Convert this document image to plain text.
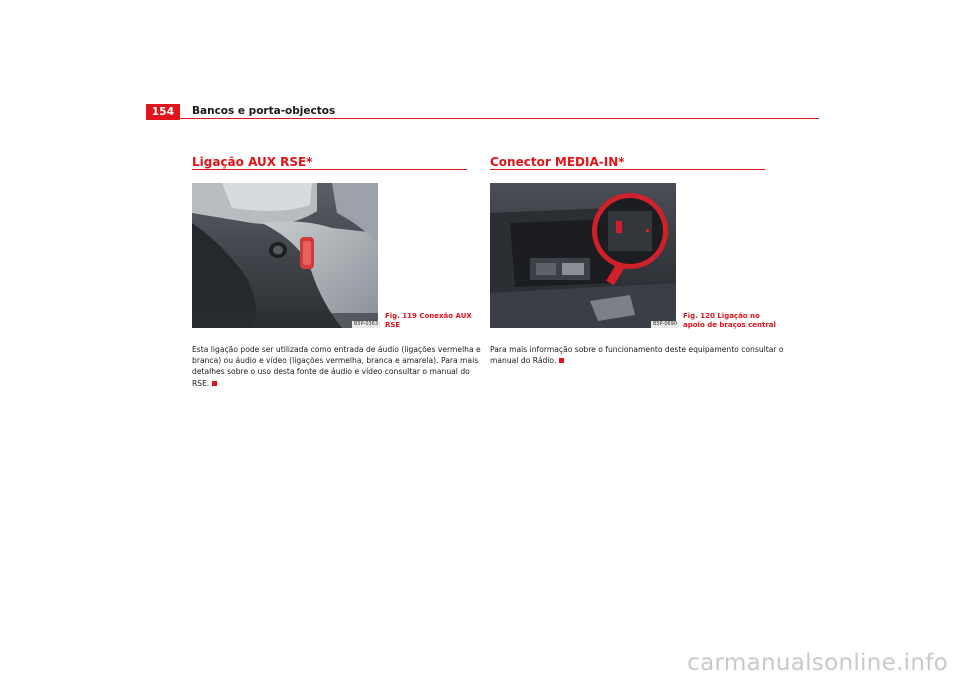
154	Bancos e porta-objectos
Ligação AUX RSE*
B5P-0363
Fig. 119 Conexão AUX
RSE
Esta ligação pode ser utilizada como entrada de áudio (ligações vermelha e
branca) ou áudio e vídeo (ligações vermelha, branca e amarela). Para mais
detalhes sobre o uso desta fonte de áudio e vídeo consultar o manual do
RSE.
Conector MEDIA-IN*
B5P-0690
Fig. 120 Ligação no
apoio de braços central
Para mais informação sobre o funcionamento deste equipamento consultar o
manual do Rádio.
carmanualsonline.info
